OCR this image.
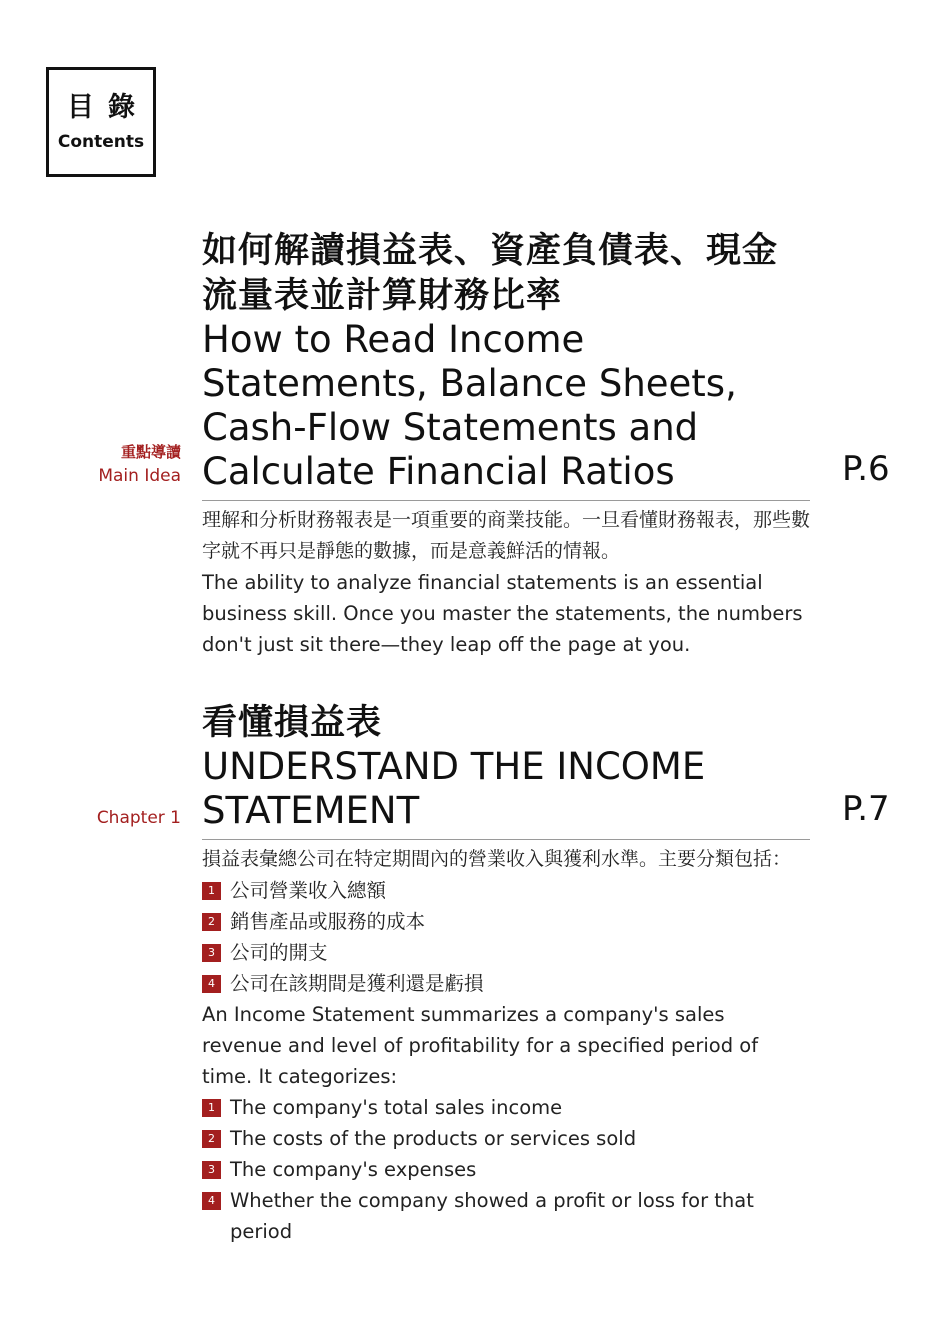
目錄
Contents
重點導讀
Main Idea	P.6
如何解讀損益表、資產負債表、現金流量表並計算財務比率
How to Read Income Statements, Balance Sheets, Cash-Flow Statements and Calculate Financial Ratios

理解和分析財務報表是一項重要的商業技能。一旦看懂財務報表，那些數字就不再只是靜態的數據，而是意義鮮活的情報。

The ability to analyze financial statements is an essential business skill. Once you master the statements, the numbers don't just sit there—they leap off the page at you.

Chapter 1	P.7
看懂損益表
UNDERSTAND THE INCOME STATEMENT

損益表彙總公司在特定期間內的營業收入與獲利水準。主要分類包括：

1 公司營業收入總額
2 銷售產品或服務的成本
3 公司的開支
4 公司在該期間是獲利還是虧損

An Income Statement summarizes a company's sales revenue and level of profitability for a specified period of time. It categorizes:

1 The company's total sales income
2 The costs of the products or services sold
3 The company's expenses
4 Whether the company showed a profit or loss for that period
